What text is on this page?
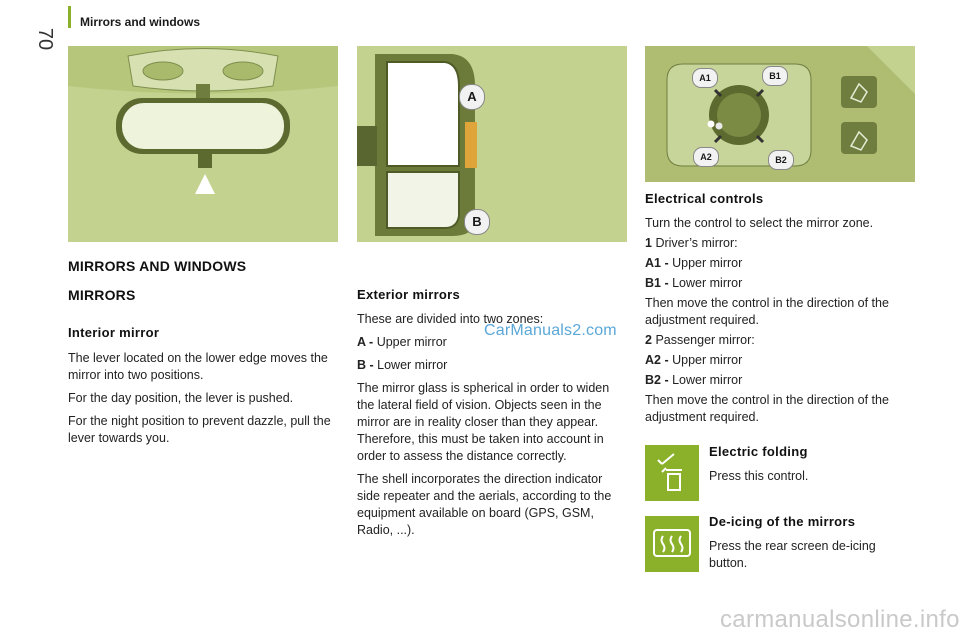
70
Mirrors and windows
A
B
A1	B1
A2	B2
MIRRORS AND WINDOWS
MIRRORS
Interior mirror

The lever located on the lower edge moves the mirror into two positions.

For the day position, the lever is pushed.

For the night position to prevent dazzle, pull the lever towards you.

Exterior mirrors

These are divided into two zones:

A - Upper mirror

B - Lower mirror

The mirror glass is spherical in order to widen the lateral field of vision. Objects seen in the mirror are in reality closer than they appear. Therefore, this must be taken into account in order to assess the distance correctly.

The shell incorporates the direction indicator side repeater and the aerials, according to the equipment available on board (GPS, GSM, Radio, ...).

CarManuals2.com
Electrical controls

Turn the control to select the mirror zone.

1 Driver’s mirror:

A1 - Upper mirror

B1 - Lower mirror

Then move the control in the direction of the adjustment required.

2 Passenger mirror:

A2 - Upper mirror

B2 - Lower mirror

Then move the control in the direction of the adjustment required.

Electric folding
Press this control.
De-icing of the mirrors
Press the rear screen de-icing button.
carmanualsonline.info
